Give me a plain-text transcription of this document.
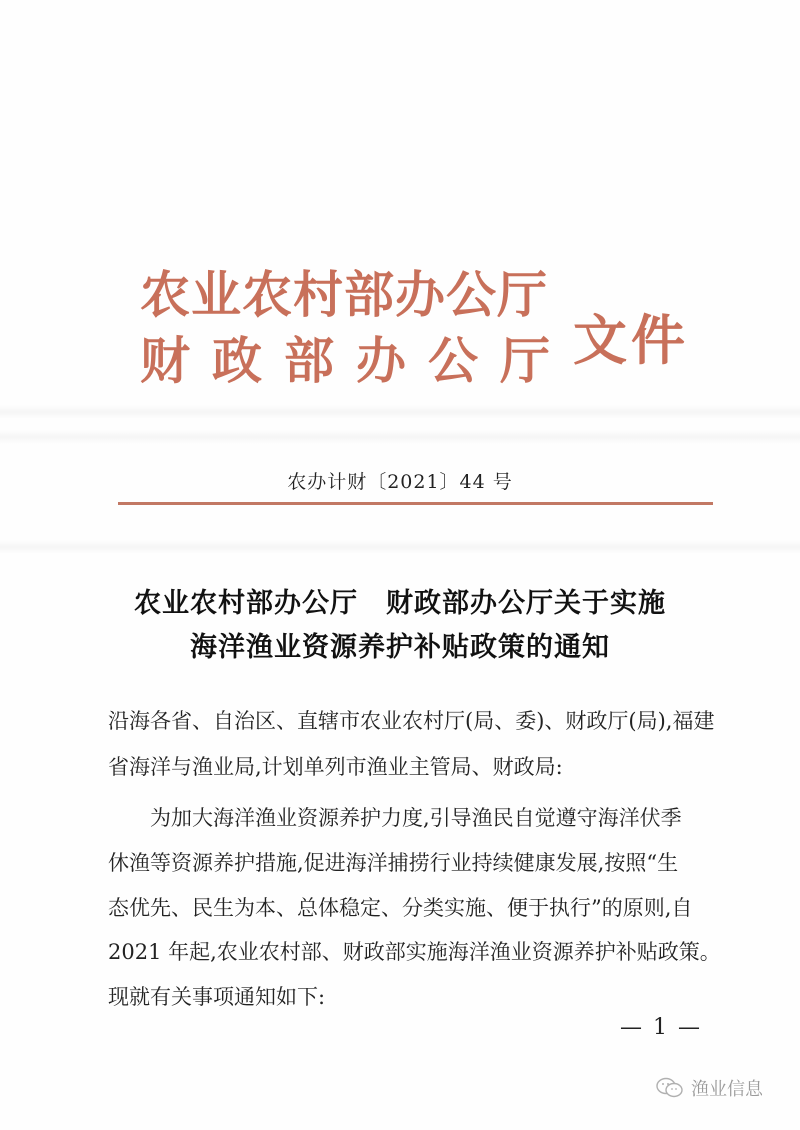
农业农村部办公厅
财政部办公厅 文件
农办计财〔2021〕44 号
农业农村部办公厅　财政部办公厅关于实施
海洋渔业资源养护补贴政策的通知
沿海各省、自治区、直辖市农业农村厅(局、委)、财政厅(局),福建
省海洋与渔业局,计划单列市渔业主管局、财政局:
　　为加大海洋渔业资源养护力度,引导渔民自觉遵守海洋伏季
休渔等资源养护措施,促进海洋捕捞行业持续健康发展,按照“生
态优先、民生为本、总体稳定、分类实施、便于执行”的原则,自
2021 年起,农业农村部、财政部实施海洋渔业资源养护补贴政策。
现就有关事项通知如下:
— 1 —
渔业信息
